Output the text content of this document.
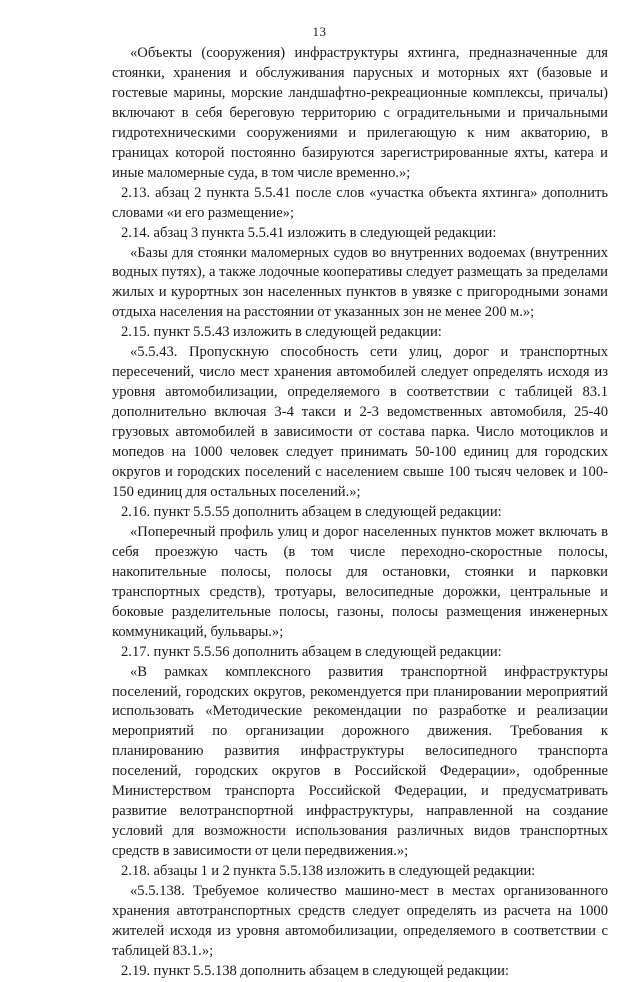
13

«Объекты (сооружения) инфраструктуры яхтинга, предназначенные для стоянки, хранения и обслуживания парусных и моторных яхт (базовые и гостевые марины, морские ландшафтно-рекреационные комплексы, причалы) включают в себя береговую территорию с оградительными и причальными гидротехническими сооружениями и прилегающую к ним акваторию, в границах которой постоянно базируются зарегистрированные яхты, катера и иные маломерные суда, в том числе временно.»;

2.13. абзац 2 пункта 5.5.41 после слов «участка объекта яхтинга» дополнить словами «и его размещение»;

2.14. абзац 3 пункта 5.5.41 изложить в следующей редакции:

«Базы для стоянки маломерных судов во внутренних водоемах (внутренних водных путях), а также лодочные кооперативы следует размещать за пределами жилых и курортных зон населенных пунктов в увязке с пригородными зонами отдыха населения на расстоянии от указанных зон не менее 200 м.»;

2.15. пункт 5.5.43 изложить в следующей редакции:

«5.5.43. Пропускную способность сети улиц, дорог и транспортных пересечений, число мест хранения автомобилей следует определять исходя из уровня автомобилизации, определяемого в соответствии с таблицей 83.1 дополнительно включая 3-4 такси и 2-3 ведомственных автомобиля, 25-40 грузовых автомобилей в зависимости от состава парка. Число мотоциклов и мопедов на 1000 человек следует принимать 50-100 единиц для городских округов и городских поселений с населением свыше 100 тысяч человек и 100-150 единиц для остальных поселений.»;

2.16. пункт 5.5.55 дополнить абзацем в следующей редакции:

«Поперечный профиль улиц и дорог населенных пунктов может включать в себя проезжую часть (в том числе переходно-скоростные полосы, накопительные полосы, полосы для остановки, стоянки и парковки транспортных средств), тротуары, велосипедные дорожки, центральные и боковые разделительные полосы, газоны, полосы размещения инженерных коммуникаций, бульвары.»;

2.17. пункт 5.5.56 дополнить абзацем в следующей редакции:

«В рамках комплексного развития транспортной инфраструктуры поселений, городских округов, рекомендуется при планировании мероприятий использовать «Методические рекомендации по разработке и реализации мероприятий по организации дорожного движения. Требования к планированию развития инфраструктуры велосипедного транспорта поселений, городских округов в Российской Федерации», одобренные Министерством транспорта Российской Федерации, и предусматривать развитие велотранспортной инфраструктуры, направленной на создание условий для возможности использования различных видов транспортных средств в зависимости от цели передвижения.»;

2.18. абзацы 1 и 2 пункта 5.5.138 изложить в следующей редакции:

«5.5.138. Требуемое количество машино-мест в местах организованного хранения автотранспортных средств следует определять из расчета на 1000 жителей исходя из уровня автомобилизации, определяемого в соответствии с таблицей 83.1.»;

2.19. пункт 5.5.138 дополнить абзацем в следующей редакции:
